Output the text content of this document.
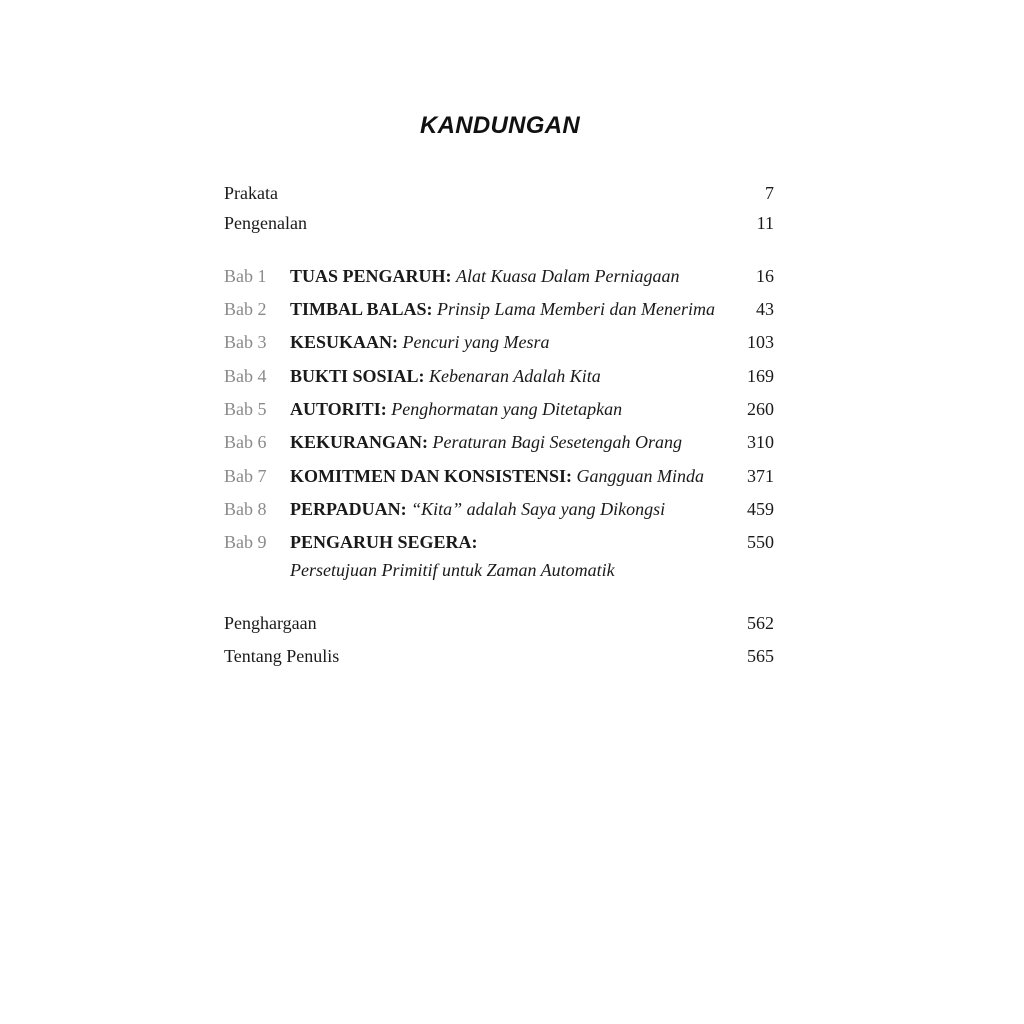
KANDUNGAN
Prakata	7
Pengenalan	11
Bab 1 TUAS PENGARUH: Alat Kuasa Dalam Perniagaan	16
Bab 2 TIMBAL BALAS: Prinsip Lama Memberi dan Menerima 43
Bab 3 KESUKAAN: Pencuri yang Mesra	103
Bab 4 BUKTI SOSIAL: Kebenaran Adalah Kita	169
Bab 5 AUTORITI: Penghormatan yang Ditetapkan	260
Bab 6 KEKURANGAN: Peraturan Bagi Sesetengah Orang	310
Bab 7 KOMITMEN DAN KONSISTENSI: Gangguan Minda 371
Bab 8 PERPADUAN: “Kita” adalah Saya yang Dikongsi	459
Bab 9 PENGARUH SEGERA:	550
Persetujuan Primitif untuk Zaman Automatik
Penghargaan	562
Tentang Penulis	565
